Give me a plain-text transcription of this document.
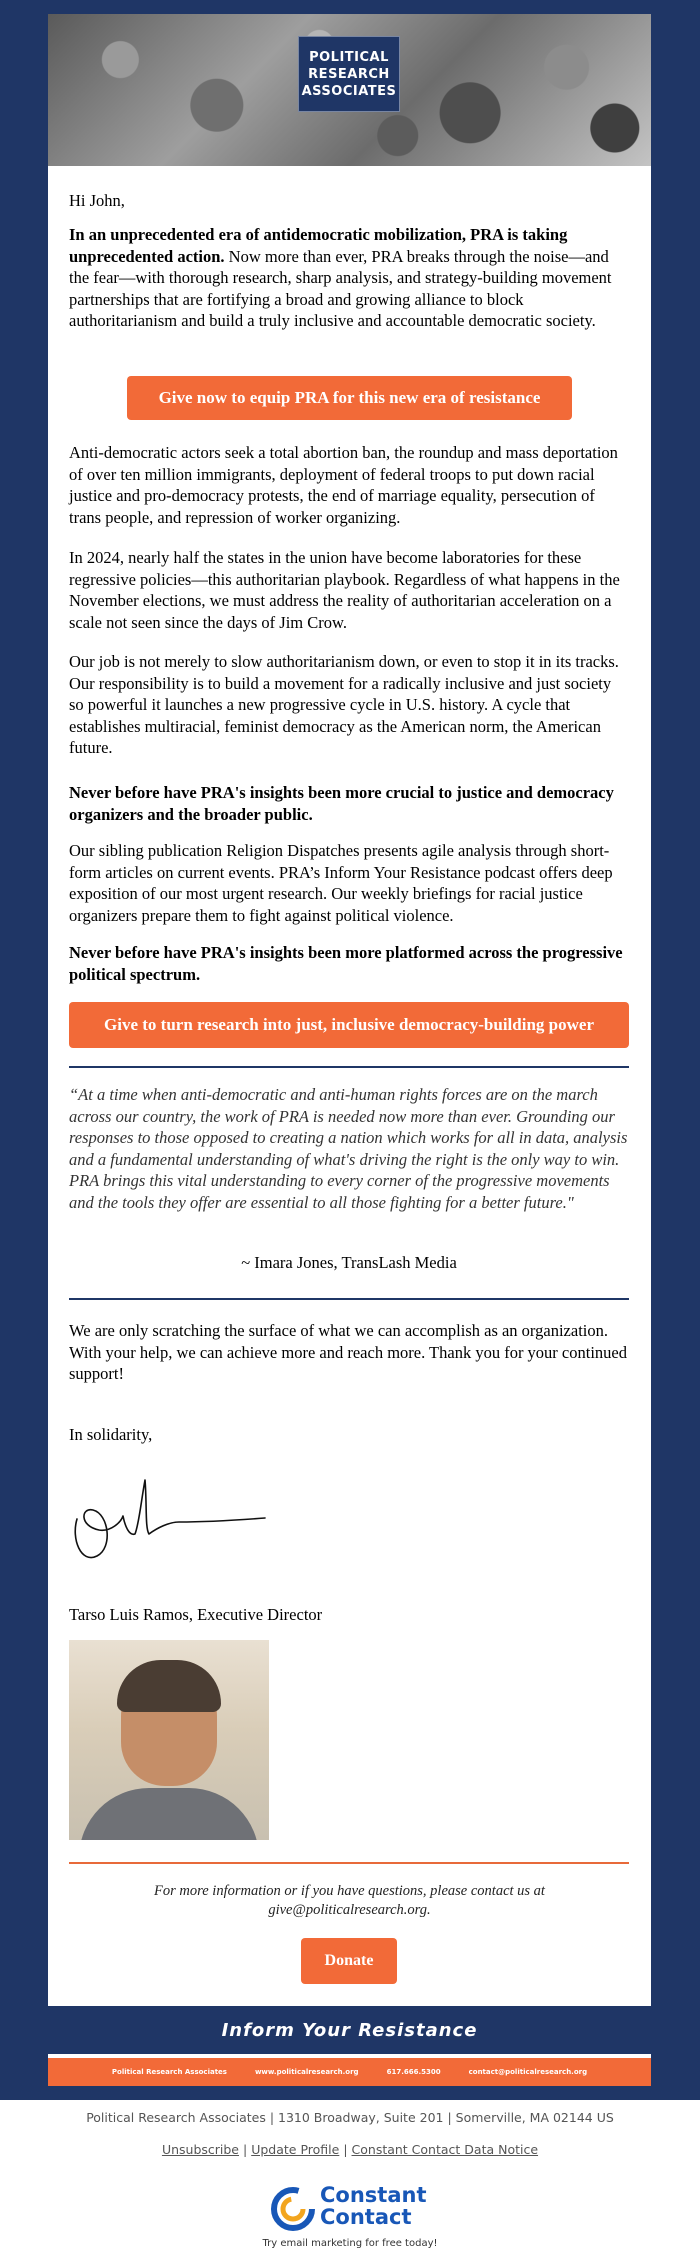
POLITICAL
RESEARCH
ASSOCIATES
Hi John,
In an unprecedented era of antidemocratic mobilization, PRA is taking unprecedented action. Now more than ever, PRA breaks through the noise—and the fear—with thorough research, sharp analysis, and strategy-building movement partnerships that are fortifying a broad and growing alliance to block authoritarianism and build a truly inclusive and accountable democratic society.
Give now to equip PRA for this new era of resistance
Anti-democratic actors seek a total abortion ban, the roundup and mass deportation of over ten million immigrants, deployment of federal troops to put down racial justice and pro-democracy protests, the end of marriage equality, persecution of trans people, and repression of worker organizing.
In 2024, nearly half the states in the union have become laboratories for these regressive policies—this authoritarian playbook. Regardless of what happens in the November elections, we must address the reality of authoritarian acceleration on a scale not seen since the days of Jim Crow.
Our job is not merely to slow authoritarianism down, or even to stop it in its tracks. Our responsibility is to build a movement for a radically inclusive and just society so powerful it launches a new progressive cycle in U.S. history. A cycle that establishes multiracial, feminist democracy as the American norm, the American future.
Never before have PRA's insights been more crucial to justice and democracy organizers and the broader public.
Our sibling publication Religion Dispatches presents agile analysis through short-form articles on current events. PRA’s Inform Your Resistance podcast offers deep exposition of our most urgent research. Our weekly briefings for racial justice organizers prepare them to fight against political violence.
Never before have PRA's insights been more platformed across the progressive political spectrum.
Give to turn research into just, inclusive democracy-building power
“At a time when anti-democratic and anti-human rights forces are on the march across our country, the work of PRA is needed now more than ever. Grounding our responses to those opposed to creating a nation which works for all in data, analysis and a fundamental understanding of what's driving the right is the only way to win. PRA brings this vital understanding to every corner of the progressive movements and the tools they offer are essential to all those fighting for a better future."
~ Imara Jones, TransLash Media
We are only scratching the surface of what we can accomplish as an organization. With your help, we can achieve more and reach more. Thank you for your continued support!
In solidarity,
Tarso Luis Ramos, Executive Director
For more information or if you have questions, please contact us at give@politicalresearch.org.
Donate
Inform Your Resistance
Political Research Associates	www.politicalresearch.org	617.666.5300	contact@politicalresearch.org
Political Research Associates | 1310 Broadway, Suite 201 | Somerville, MA 02144 US
Unsubscribe | Update Profile | Constant Contact Data Notice
Constant
Contact
Try email marketing for free today!
